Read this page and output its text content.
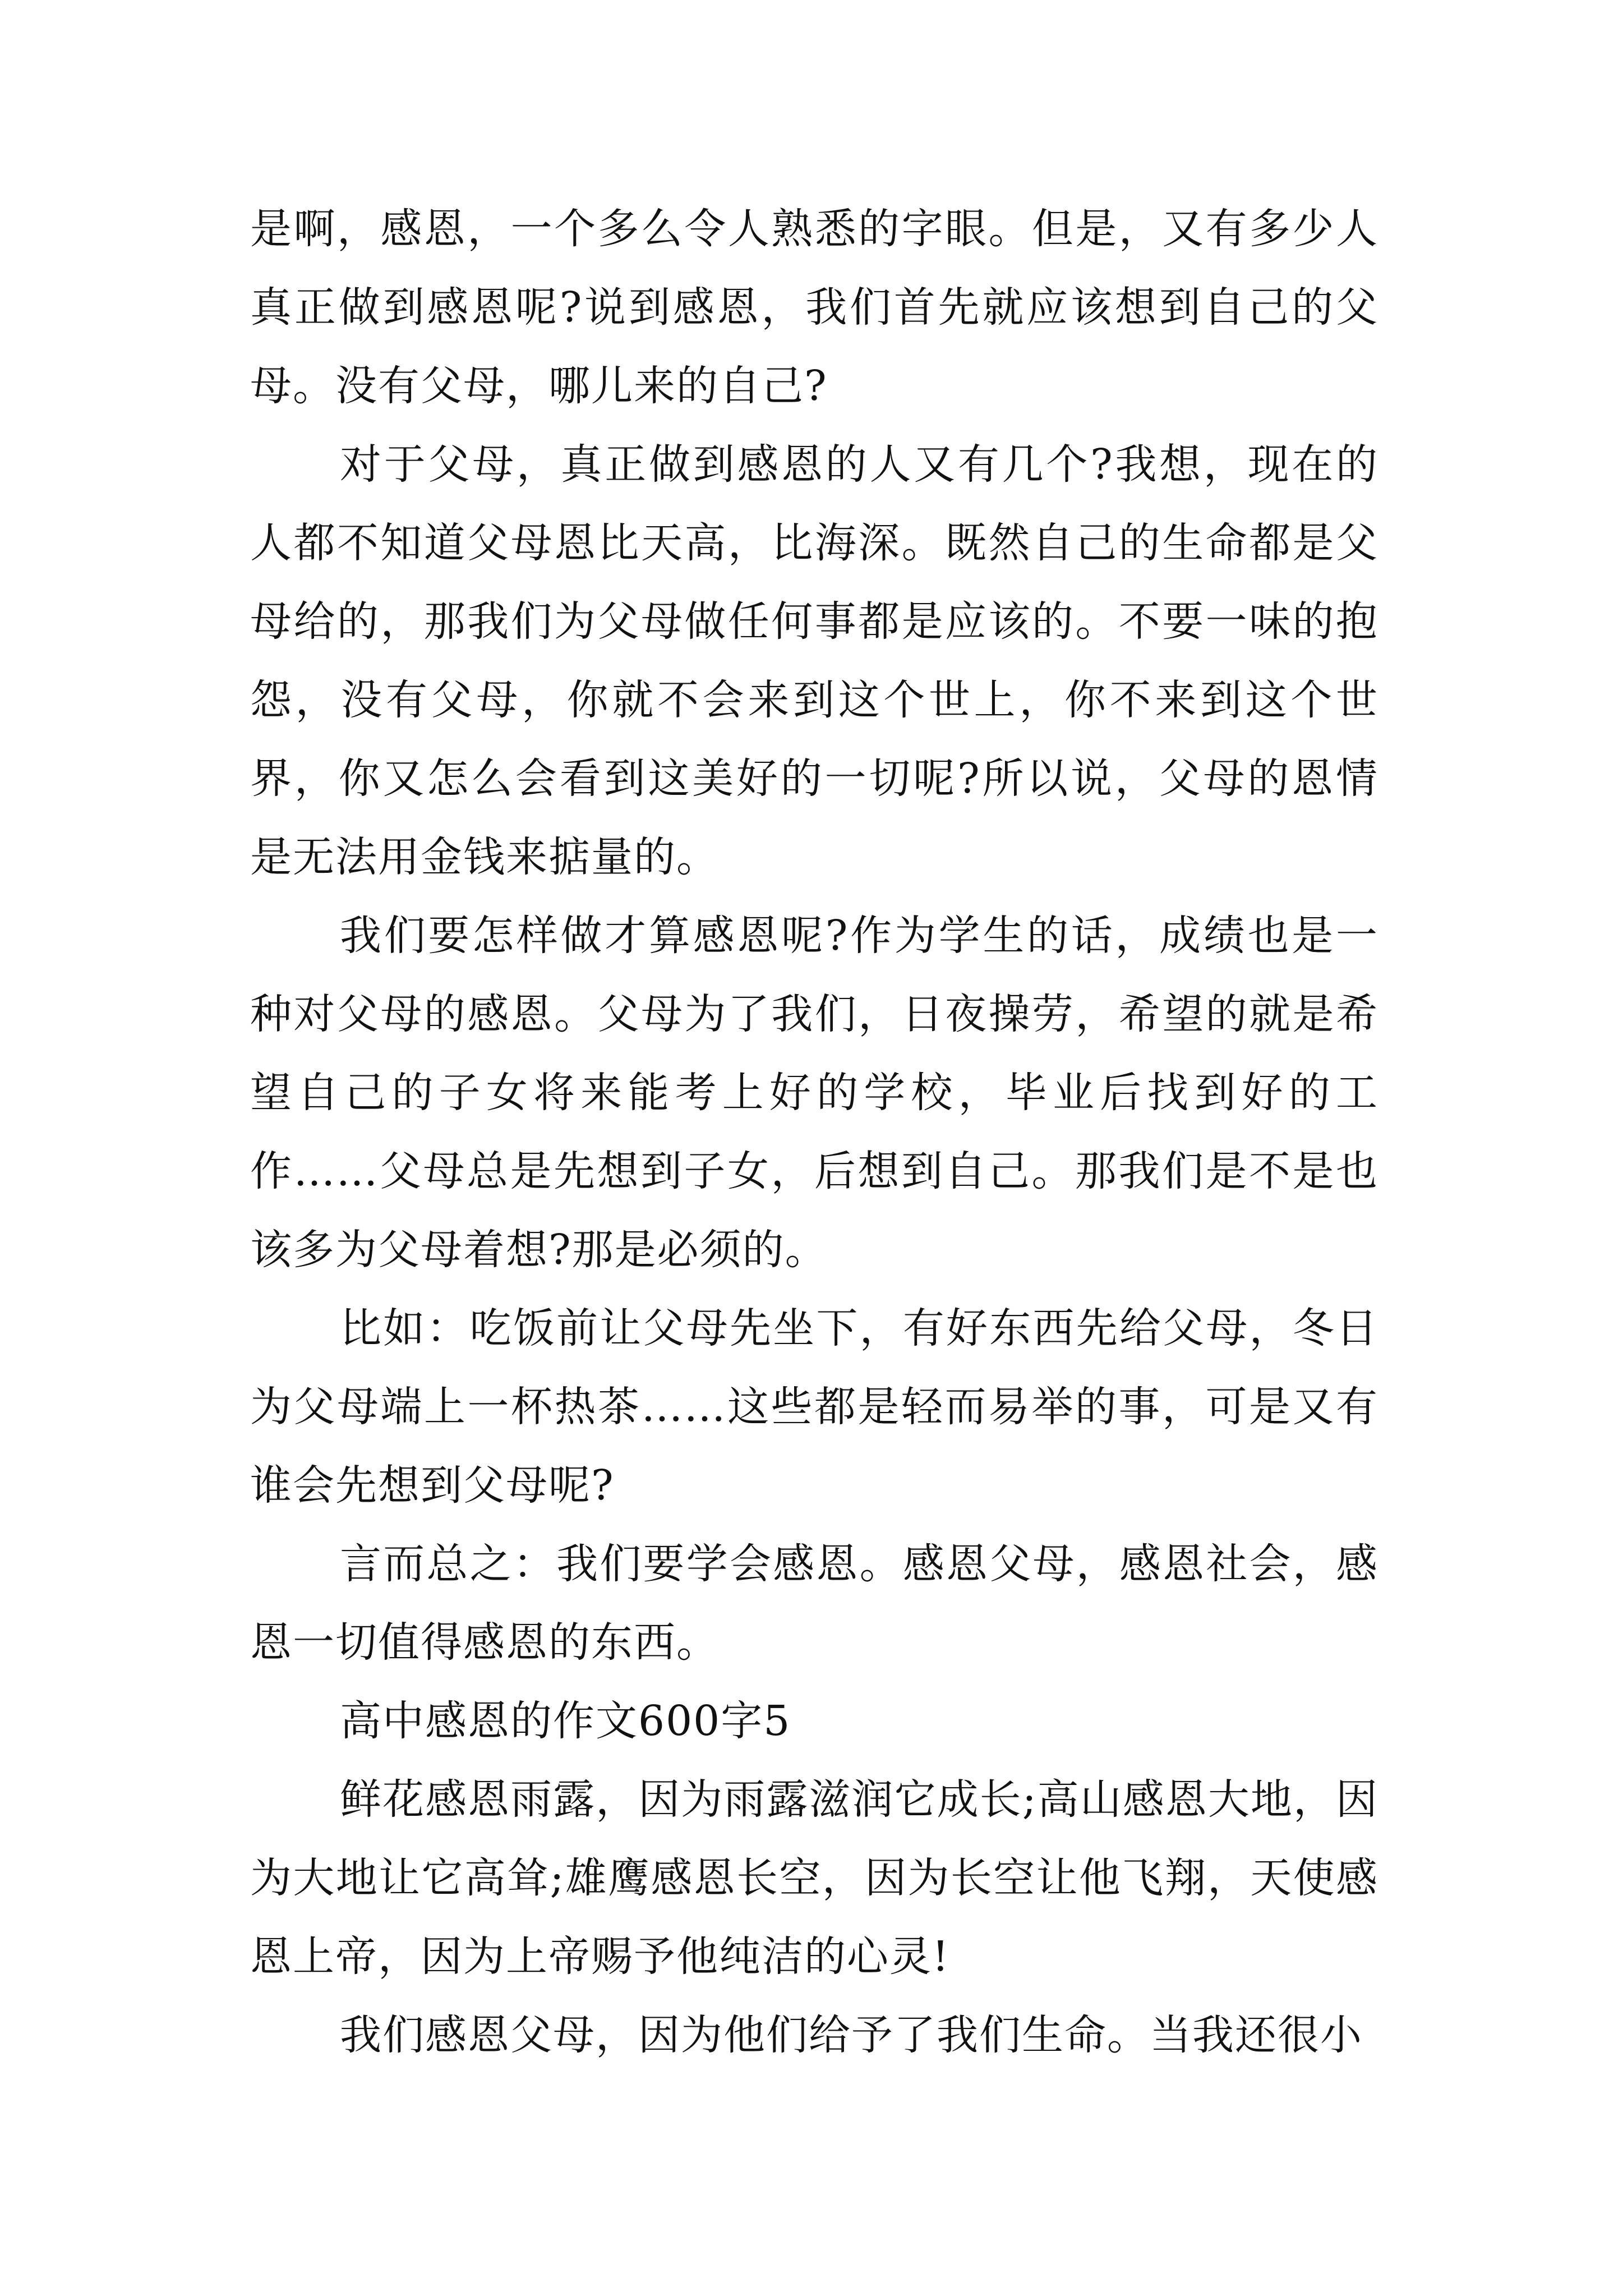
是啊，感恩，一个多么令人熟悉的字眼。但是，又有多少人真正做到感恩呢?说到感恩，我们首先就应该想到自己的父母。没有父母，哪儿来的自己?

对于父母，真正做到感恩的人又有几个?我想，现在的人都不知道父母恩比天高，比海深。既然自己的生命都是父母给的，那我们为父母做任何事都是应该的。不要一味的抱怨，没有父母，你就不会来到这个世上，你不来到这个世界，你又怎么会看到这美好的一切呢?所以说，父母的恩情是无法用金钱来掂量的。

我们要怎样做才算感恩呢?作为学生的话，成绩也是一种对父母的感恩。父母为了我们，日夜操劳，希望的就是希望自己的子女将来能考上好的学校，毕业后找到好的工作……父母总是先想到子女，后想到自己。那我们是不是也该多为父母着想?那是必须的。

比如：吃饭前让父母先坐下，有好东西先给父母，冬日为父母端上一杯热茶……这些都是轻而易举的事，可是又有谁会先想到父母呢?

言而总之：我们要学会感恩。感恩父母，感恩社会，感恩一切值得感恩的东西。

高中感恩的作文600字5

鲜花感恩雨露，因为雨露滋润它成长;高山感恩大地，因为大地让它高耸;雄鹰感恩长空，因为长空让他飞翔，天使感恩上帝，因为上帝赐予他纯洁的心灵!

我们感恩父母，因为他们给予了我们生命。当我还很小
